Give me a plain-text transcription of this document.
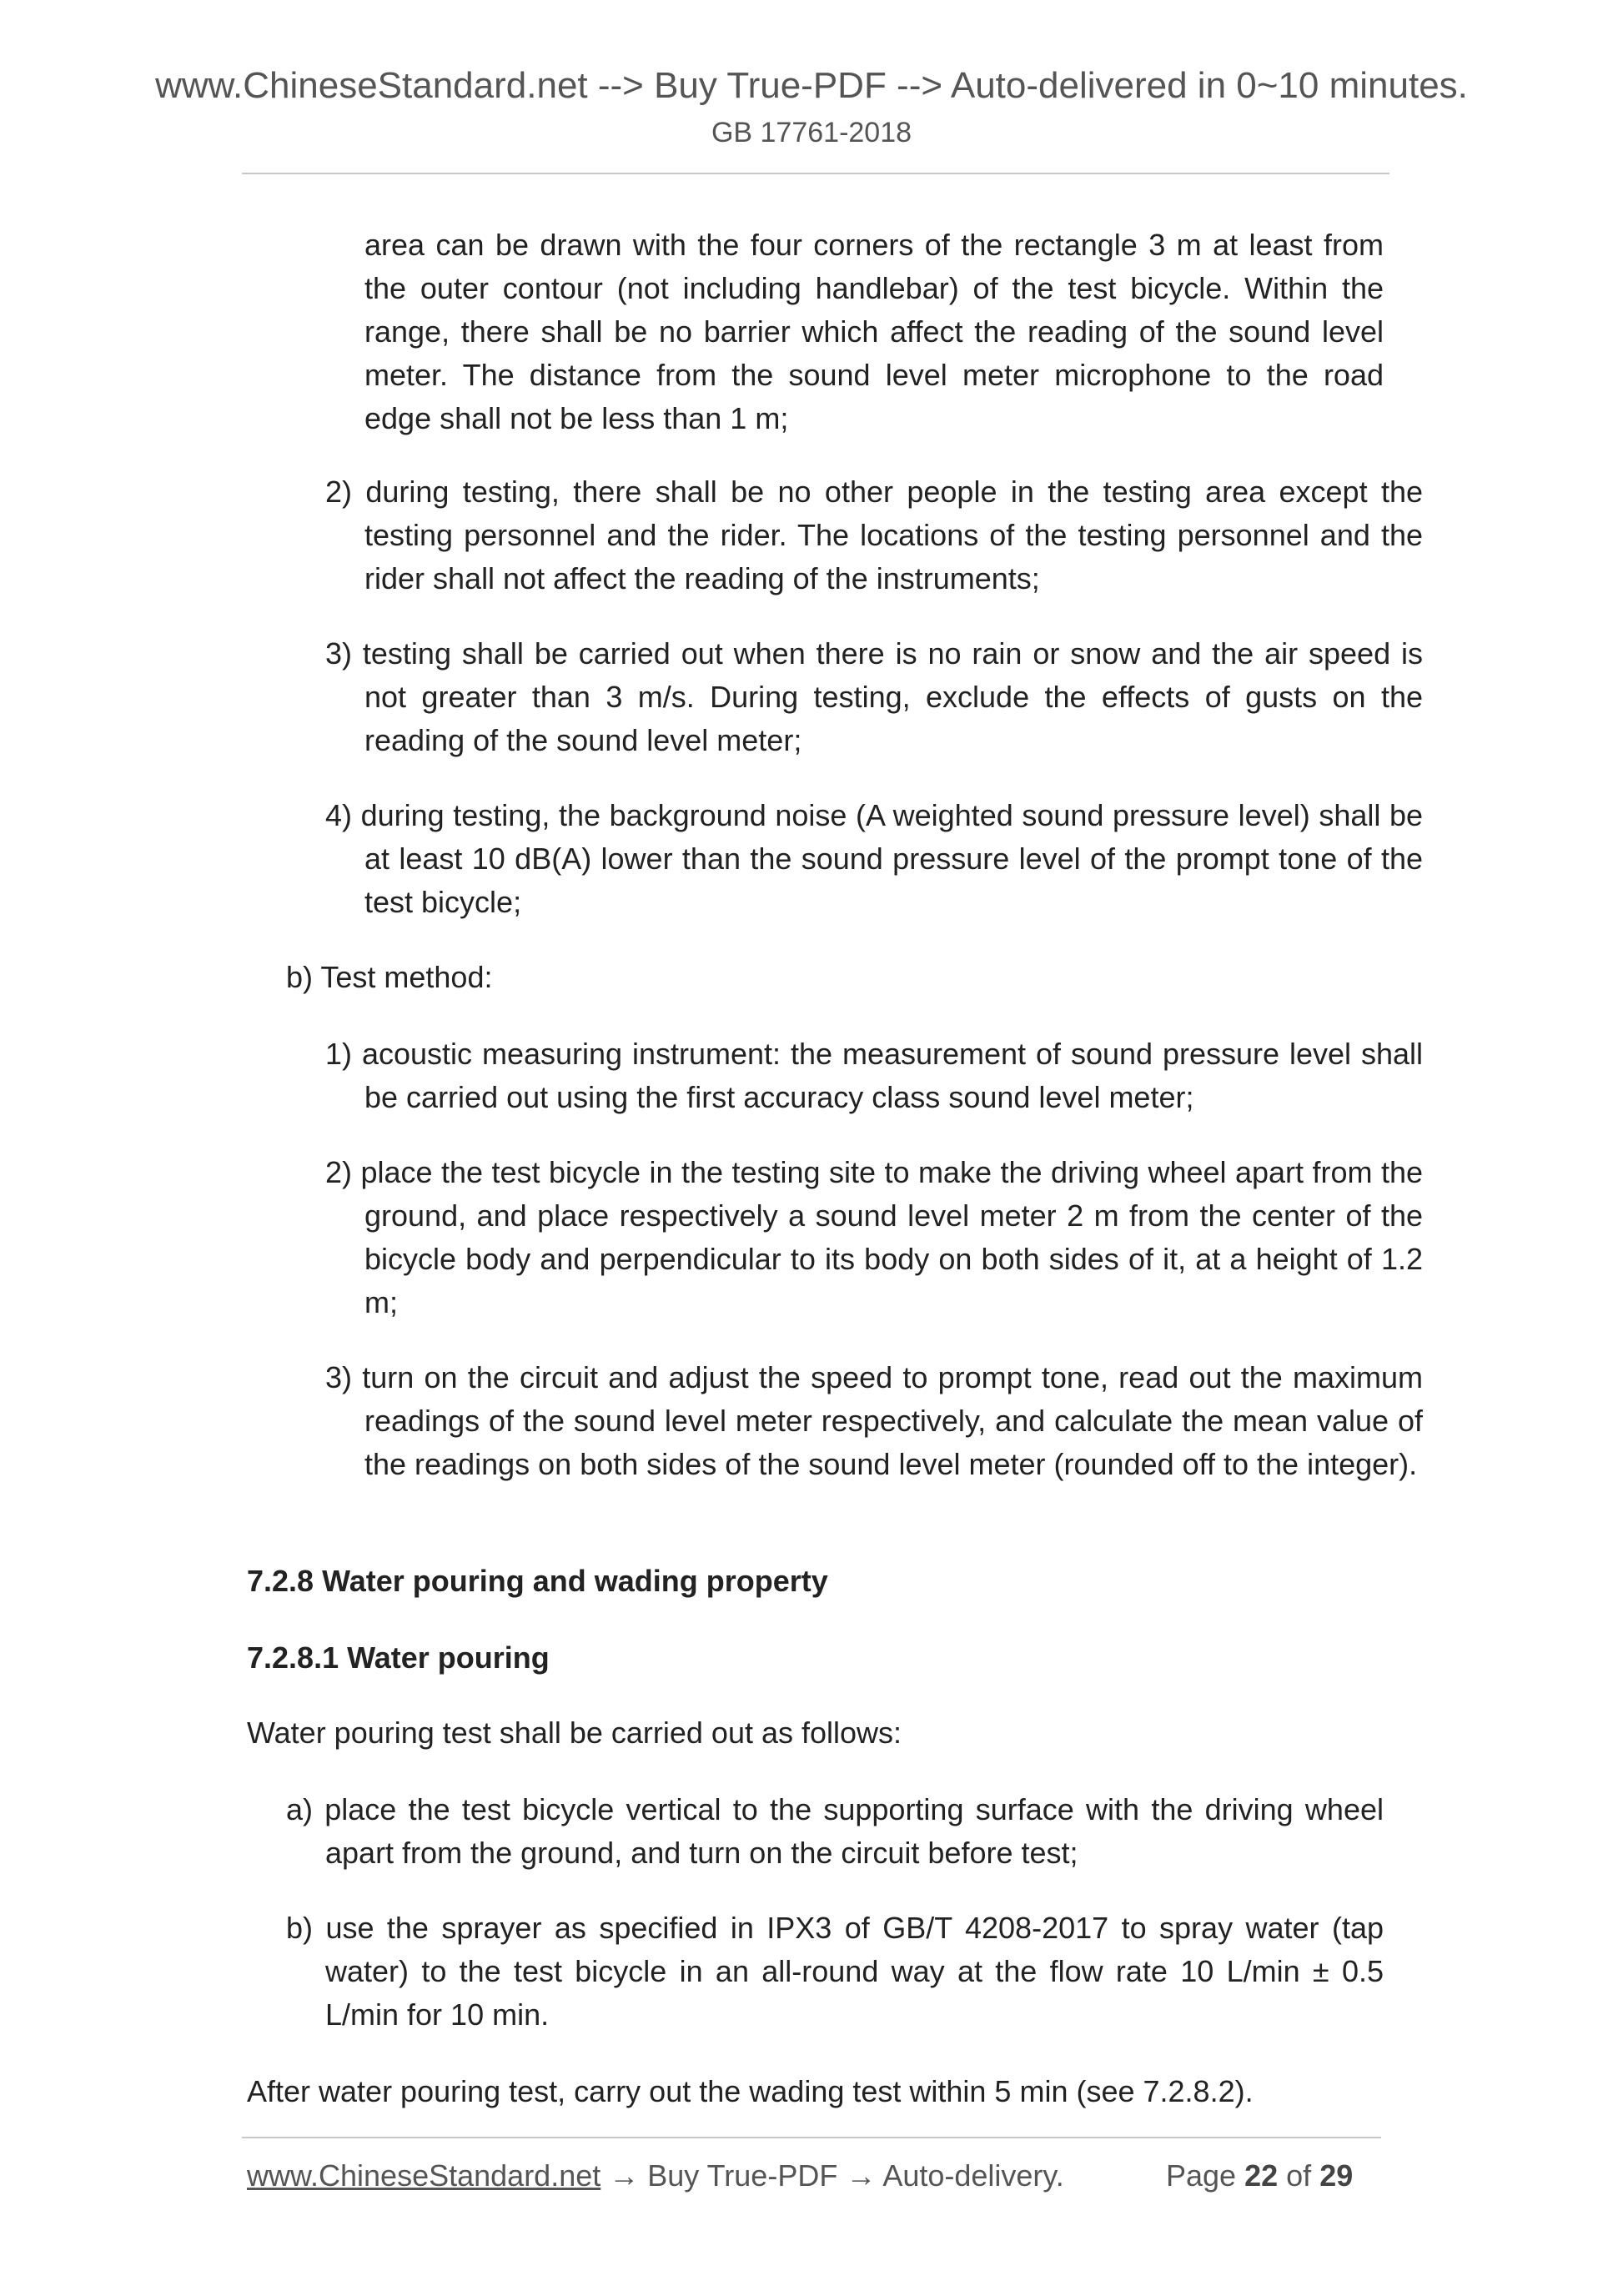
www.ChineseStandard.net --> Buy True-PDF --> Auto-delivered in 0~10 minutes.
GB 17761-2018
area can be drawn with the four corners of the rectangle 3 m at least from the outer contour (not including handlebar) of the test bicycle. Within the range, there shall be no barrier which affect the reading of the sound level meter. The distance from the sound level meter microphone to the road edge shall not be less than 1 m;
2) during testing, there shall be no other people in the testing area except the testing personnel and the rider. The locations of the testing personnel and the rider shall not affect the reading of the instruments;
3) testing shall be carried out when there is no rain or snow and the air speed is not greater than 3 m/s. During testing, exclude the effects of gusts on the reading of the sound level meter;
4) during testing, the background noise (A weighted sound pressure level) shall be at least 10 dB(A) lower than the sound pressure level of the prompt tone of the test bicycle;
b) Test method:
1) acoustic measuring instrument: the measurement of sound pressure level shall be carried out using the first accuracy class sound level meter;
2) place the test bicycle in the testing site to make the driving wheel apart from the ground, and place respectively a sound level meter 2 m from the center of the bicycle body and perpendicular to its body on both sides of it, at a height of 1.2 m;
3) turn on the circuit and adjust the speed to prompt tone, read out the maximum readings of the sound level meter respectively, and calculate the mean value of the readings on both sides of the sound level meter (rounded off to the integer).
7.2.8 Water pouring and wading property
7.2.8.1 Water pouring
Water pouring test shall be carried out as follows:
a) place the test bicycle vertical to the supporting surface with the driving wheel apart from the ground, and turn on the circuit before test;
b) use the sprayer as specified in IPX3 of GB/T 4208-2017 to spray water (tap water) to the test bicycle in an all-round way at the flow rate 10 L/min ± 0.5 L/min for 10 min.
After water pouring test, carry out the wading test within 5 min (see 7.2.8.2).
www.ChineseStandard.net → Buy True-PDF → Auto-delivery.	Page 22 of 29
